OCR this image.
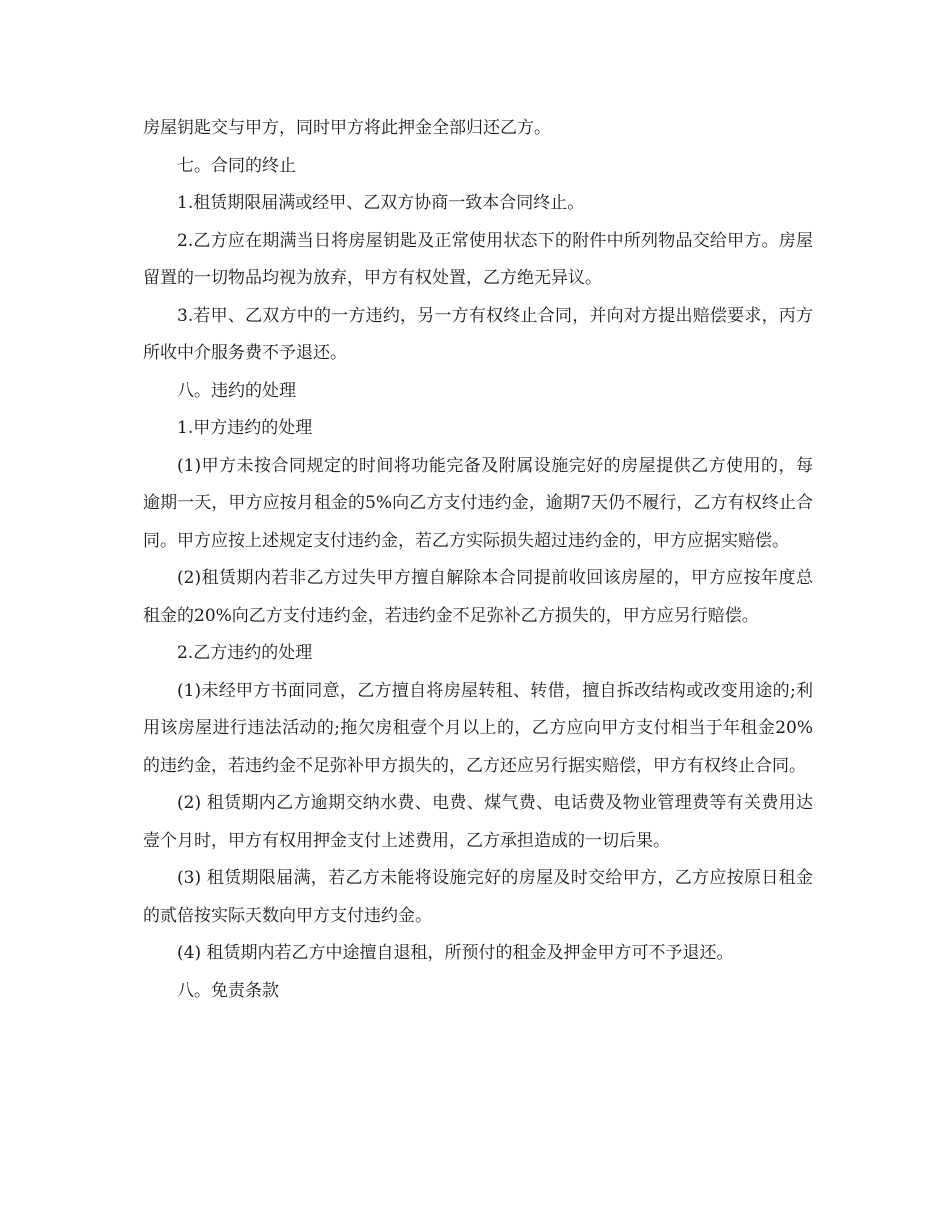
房屋钥匙交与甲方，同时甲方将此押金全部归还乙方。

七。合同的终止

1.租赁期限届满或经甲、乙双方协商一致本合同终止。

2.乙方应在期满当日将房屋钥匙及正常使用状态下的附件中所列物品交给甲方。房屋留置的一切物品均视为放弃，甲方有权处置，乙方绝无异议。

3.若甲、乙双方中的一方违约，另一方有权终止合同，并向对方提出赔偿要求，丙方所收中介服务费不予退还。

八。违约的处理

1.甲方违约的处理

(1)甲方未按合同规定的时间将功能完备及附属设施完好的房屋提供乙方使用的，每逾期一天，甲方应按月租金的5%向乙方支付违约金，逾期7天仍不履行，乙方有权终止合同。甲方应按上述规定支付违约金，若乙方实际损失超过违约金的，甲方应据实赔偿。

(2)租赁期内若非乙方过失甲方擅自解除本合同提前收回该房屋的，甲方应按年度总租金的20%向乙方支付违约金，若违约金不足弥补乙方损失的，甲方应另行赔偿。

2.乙方违约的处理

(1)未经甲方书面同意，乙方擅自将房屋转租、转借，擅自拆改结构或改变用途的;利用该房屋进行违法活动的;拖欠房租壹个月以上的，乙方应向甲方支付相当于年租金20%的违约金，若违约金不足弥补甲方损失的，乙方还应另行据实赔偿，甲方有权终止合同。

(2) 租赁期内乙方逾期交纳水费、电费、煤气费、电话费及物业管理费等有关费用达壹个月时，甲方有权用押金支付上述费用，乙方承担造成的一切后果。

(3) 租赁期限届满，若乙方未能将设施完好的房屋及时交给甲方，乙方应按原日租金的贰倍按实际天数向甲方支付违约金。

(4) 租赁期内若乙方中途擅自退租，所预付的租金及押金甲方可不予退还。

八。免责条款
